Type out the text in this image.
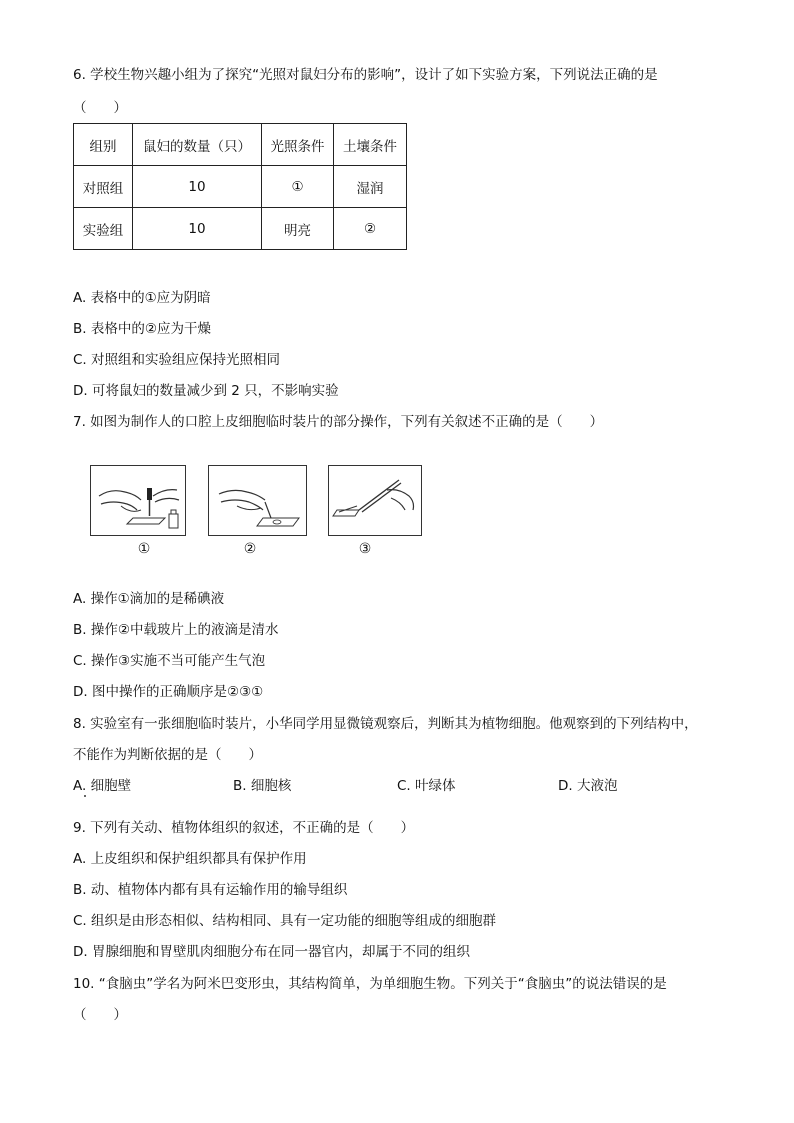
6. 学校生物兴趣小组为了探究“光照对鼠妇分布的影响”，设计了如下实验方案，下列说法正确的是
（　　）
组别	鼠妇的数量（只）	光照条件	土壤条件
对照组	10	①	湿润
实验组	10	明亮	②
A. 表格中的①应为阴暗
B. 表格中的②应为干燥
C. 对照组和实验组应保持光照相同
D. 可将鼠妇的数量减少到 2 只，不影响实验
7. 如图为制作人的口腔上皮细胞临时装片的部分操作，下列有关叙述不正确的是（　　）
①	②	③
A. 操作①滴加的是稀碘液
B. 操作②中载玻片上的液滴是清水
C. 操作③实施不当可能产生气泡
D. 图中操作的正确顺序是②③①
8. 实验室有一张细胞临时装片，小华同学用显微镜观察后，判断其为植物细胞。他观察到的下列结构中，
不能作为判断依据的是（　　）
A. 细胞壁	B. 细胞核	C. 叶绿体	D. 大液泡
9. 下列有关动、植物体组织的叙述，不正确的是（　　）
A. 上皮组织和保护组织都具有保护作用
B. 动、植物体内都有具有运输作用的输导组织
C. 组织是由形态相似、结构相同、具有一定功能的细胞等组成的细胞群
D. 胃腺细胞和胃壁肌肉细胞分布在同一器官内，却属于不同的组织
10. “食脑虫”学名为阿米巴变形虫，其结构简单，为单细胞生物。下列关于“食脑虫”的说法错误的是
（　　）
